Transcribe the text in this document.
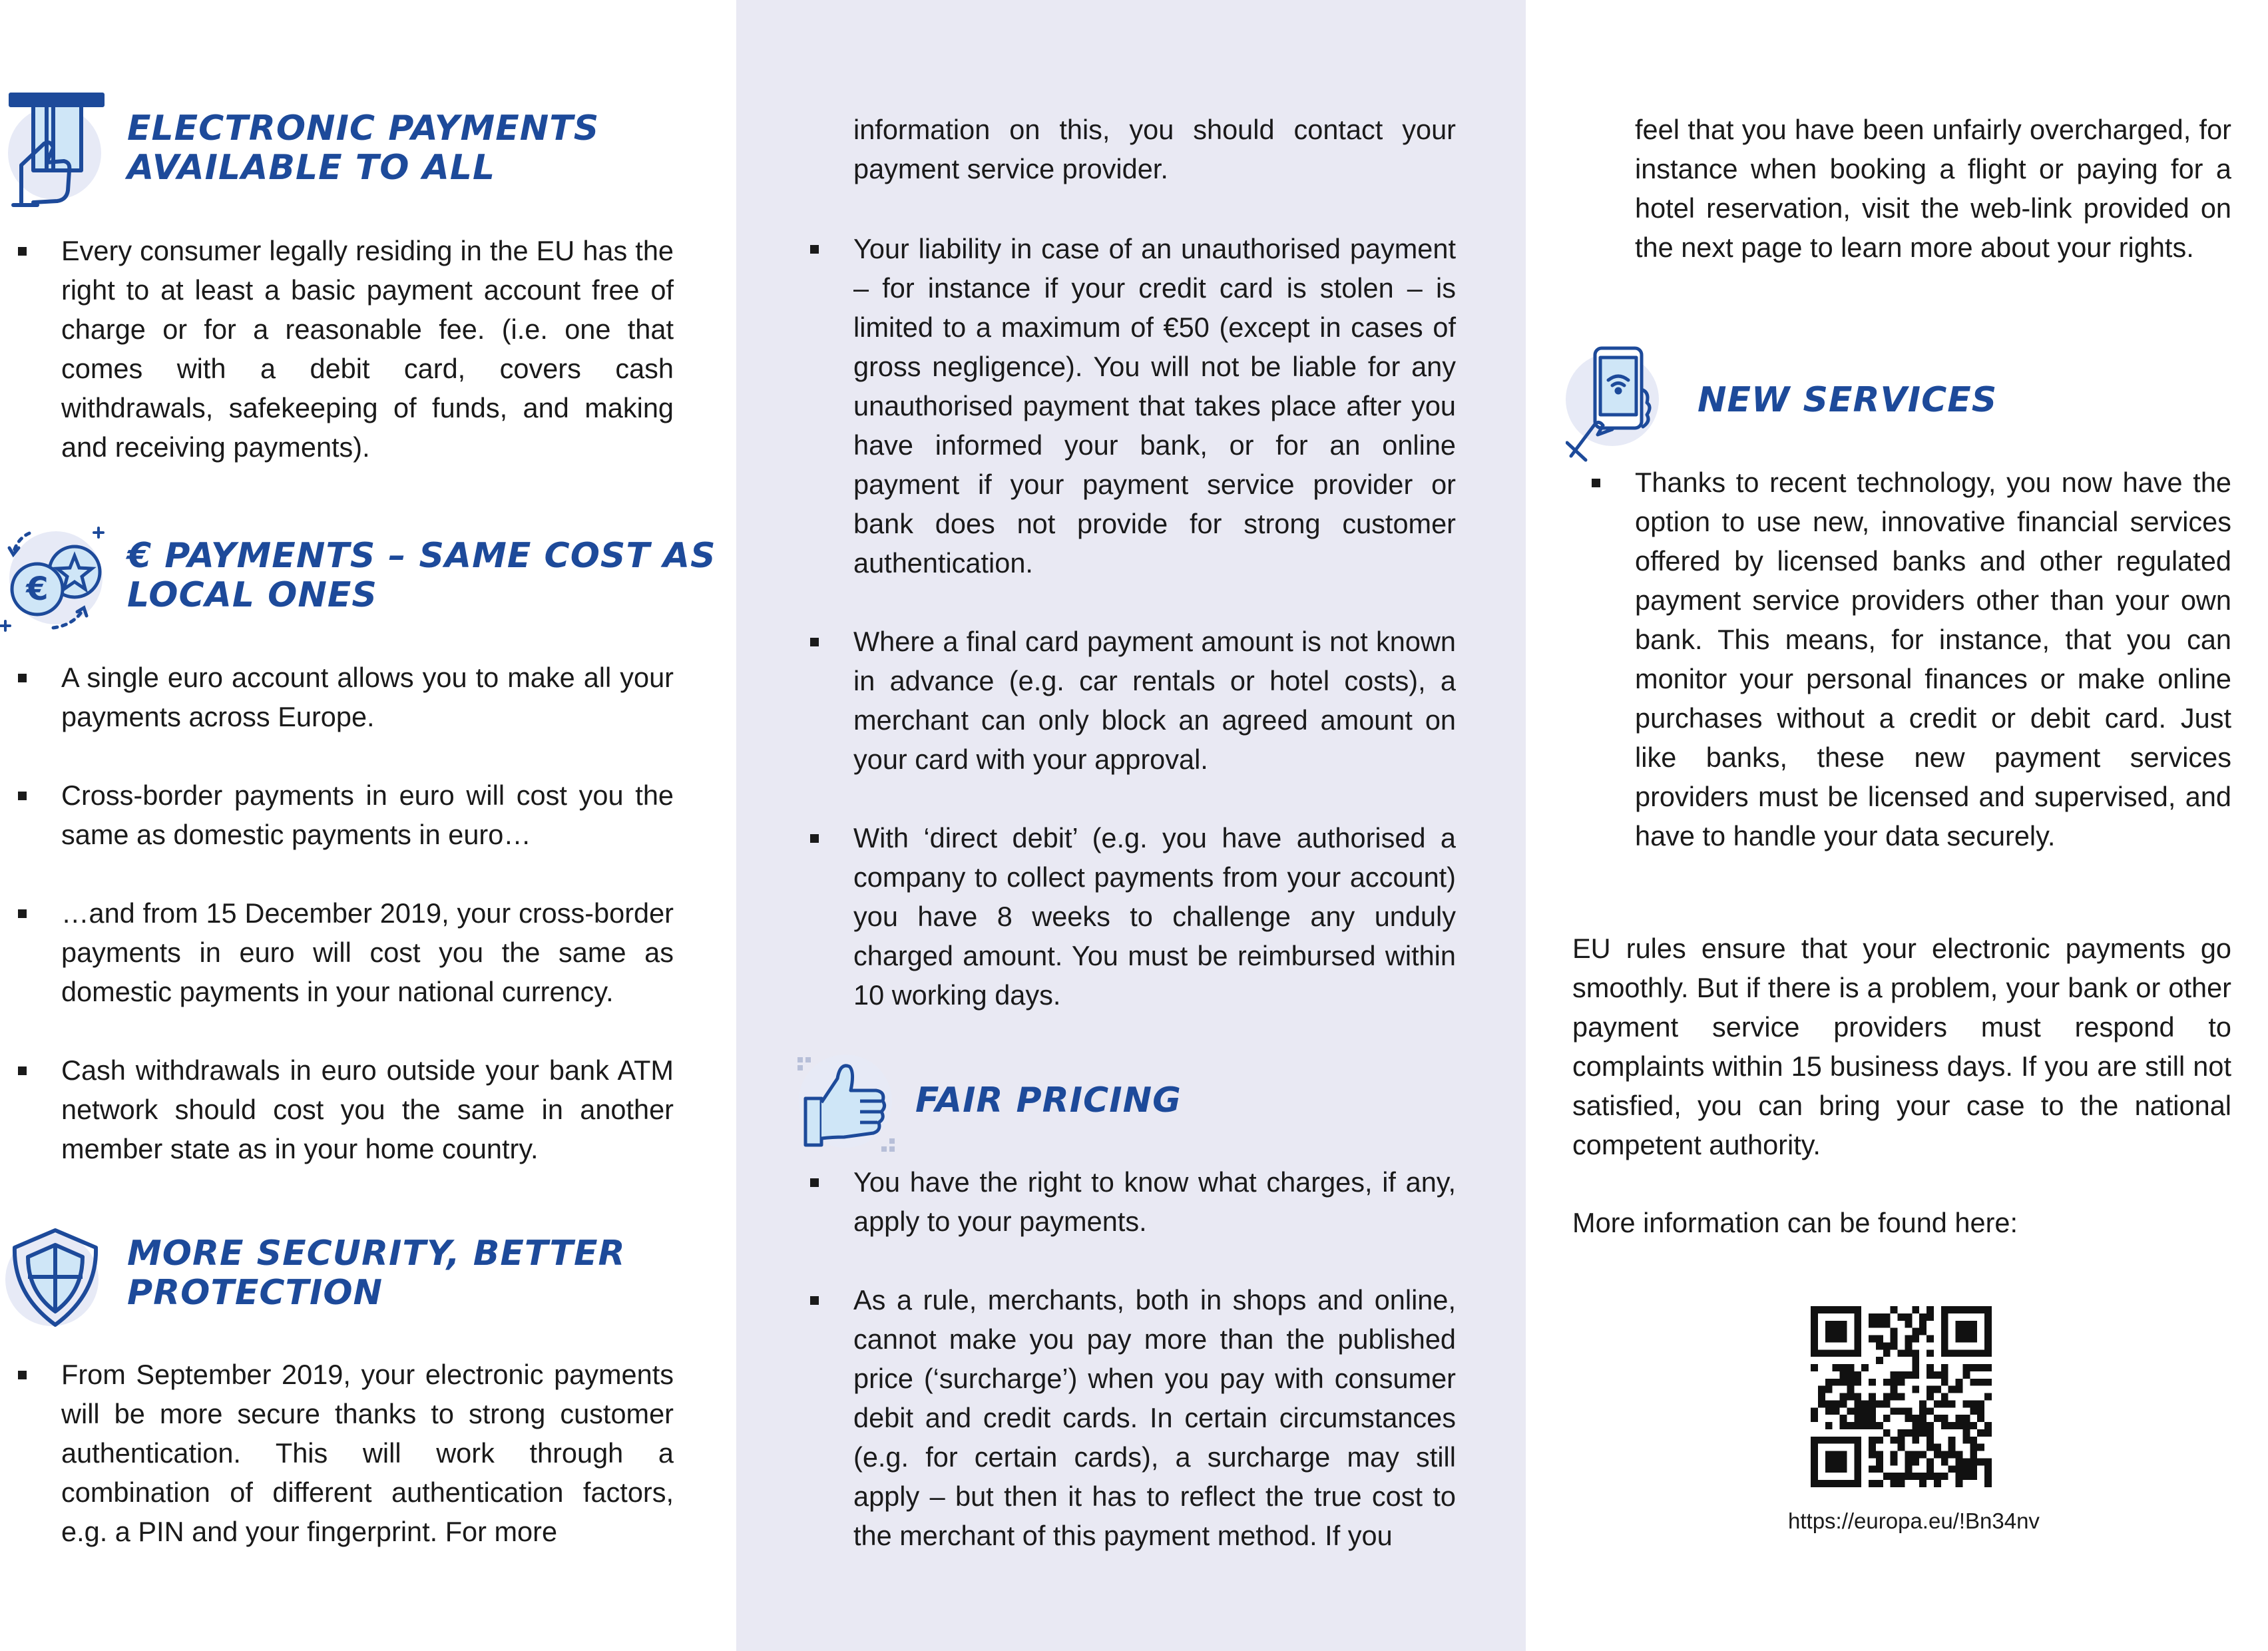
ELECTRONIC PAYMENTS
AVAILABLE TO ALL
Every consumer legally residing in the EU has the right to at least a basic payment account free of charge or for a reasonable fee. (i.e. one that comes with a debit card, covers cash withdrawals, safekeeping of funds, and making and receiving payments).
€
€ PAYMENTS – SAME COST AS
LOCAL ONES
A single euro account allows you to make all your payments across Europe.
Cross-border payments in euro will cost you the same as domestic payments in euro…
…and from 15 December 2019, your cross-border payments in euro will cost you the same as domestic payments in your national currency.
Cash withdrawals in euro outside your bank ATM network should cost you the same in another member state as in your home country.
MORE SECURITY, BETTER
PROTECTION
From September 2019, your electronic payments will be more secure thanks to strong customer authentication. This will work through a combination of different authentication factors, e.g. a PIN and your fingerprint. For more

information on this, you should contact your payment service provider.

Your liability in case of an unauthorised payment – for instance if your credit card is stolen – is limited to a maximum of €50 (except in cases of gross negligence). You will not be liable for any unauthorised payment that takes place after you have informed your bank, or for an online payment if your payment service provider or bank does not provide for strong customer authentication.
Where a final card payment amount is not known in advance (e.g. car rentals or hotel costs), a merchant can only block an agreed amount on your card with your approval.
With ‘direct debit’ (e.g. you have authorised a company to collect payments from your account) you have 8 weeks to challenge any unduly charged amount. You must be reimbursed within 10 working days.
FAIR PRICING
You have the right to know what charges, if any, apply to your payments.
As a rule, merchants, both in shops and online, cannot make you pay more than the published price (‘surcharge’) when you pay with consumer debit and credit cards. In certain circumstances (e.g. for certain cards), a surcharge may still apply – but then it has to reflect the true cost to the merchant of this payment method. If you

feel that you have been unfairly overcharged, for instance when booking a flight or paying for a hotel reservation, visit the web-link provided on the next page to learn more about your rights.

NEW SERVICES
Thanks to recent technology, you now have the option to use new, innovative financial services offered by licensed banks and other regulated payment service providers other than your own bank. This means, for instance, that you can monitor your personal finances or make online purchases without a credit or debit card. Just like banks, these new payment services providers must be licensed and supervised, and have to handle your data securely.

EU rules ensure that your electronic payments go smoothly. But if there is a problem, your bank or other payment service providers must respond to complaints within 15 business days. If you are still not satisfied, you can bring your case to the national competent authority.

More information can be found here:

https://europa.eu/!Bn34nv
